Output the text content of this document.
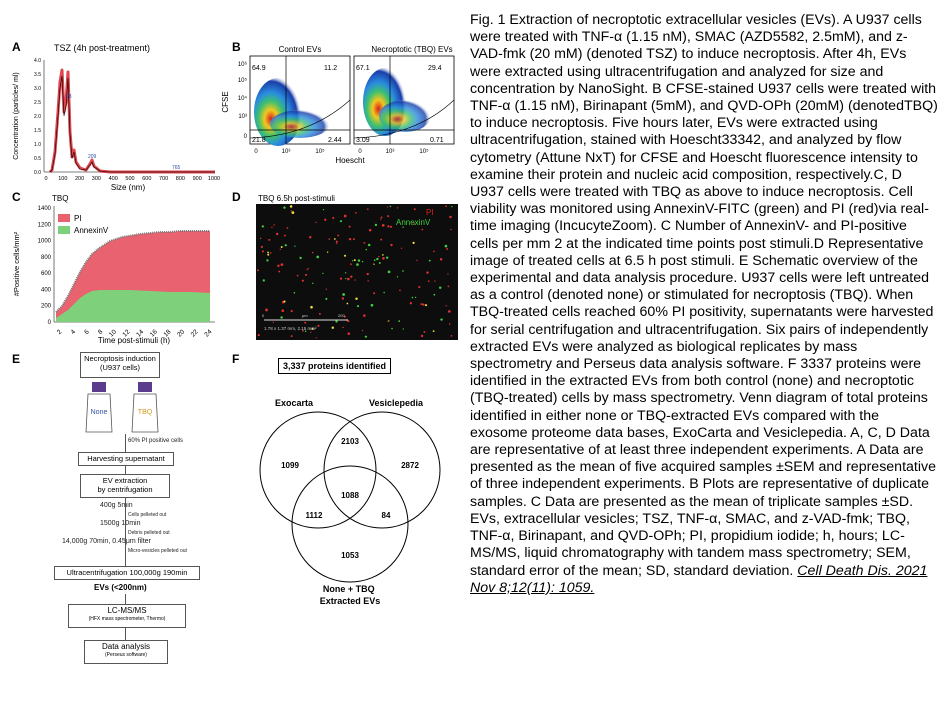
A	TSZ (4h post-treatment)
0.0
0.5
1.0
1.5
2.0
2.5
3.0
3.5
4.0
0 100 200 300 400 500 600 700 800 900 1000
98
209
765
Size (nm)
Concentration (particles/ ml)
B	Control EVs	Necroptotic (TBQ) EVs
64.9	11.2
21.8	2.44
67.1	29.4
3.09	0.71
10⁶
10⁵
10⁴
10³
0
0	10³	10⁵	0	10³	10⁵
CFSE
Hoescht
C	TBQ
0
200
400
600
800
1000
1200
1400
PI
AnnexinV
2 4 6 8 10 12 14 16 18 20 22 24
Time post-stimuli (h)
#Positive cells/mm²
D TBQ 6.5h post-stimuli
PI
AnnexinV
0	μm	200
1.78 x 1.37 mm, 2.15 mm²
E	Necroptosis induction
(U937 cells)
None	TBQ
60% PI positive cells
Harvesting supernatant
EV extraction
by centrifugation
400g 5min
Cells pelleted out
1500g 10min
Debris pelleted out
14,000g 70min, 0.45μm filter
Micro-vesicles pelleted out
Ultracentrifugation 100,000g 190min
EVs (<200nm)
LC-MS/MS
(HFX mass spectrometer, Thermo)
Data analysis
(Perseus software)
F	3,337 proteins identified
Exocarta	Vesiclepedia
1099
2103
2872
1088
1112	84
1053
None + TBQ Extracted EVs
Fig. 1 Extraction of necroptotic extracellular vesicles (EVs). A U937 cells were treated with TNF-α (1.15 nM), SMAC (AZD5582, 2.5mM), and z-VAD-fmk (20 mM) (denoted TSZ) to induce necroptosis. After 4h, EVs were extracted using ultracentrifugation and analyzed for size and concentration by NanoSight. B CFSE-stained U937 cells were treated with TNF-α (1.15 nM), Birinapant (5mM), and QVD-OPh (20mM) (denotedTBQ) to induce necroptosis. Five hours later, EVs were extracted using ultracentrifugation, stained with Hoescht33342, and analyzed by flow cytometry (Attune NxT) for CFSE and Hoescht fluorescence intensity to examine their protein and nucleic acid composition, respectively.C, D U937 cells were treated with TBQ as above to induce necroptosis. Cell viability was monitored using AnnexinV-FITC (green) and PI (red)via real-time imaging (IncucyteZoom). C Number of AnnexinV- and PI-positive cells per mm 2 at the indicated time points post stimuli.D Representative image of treated cells at 6.5 h post stimuli. E Schematic overview of the experimental and data analysis procedure. U937 cells were left untreated as a control (denoted none) or stimulated for necroptosis (TBQ). When TBQ-treated cells reached 60% PI positivity, supernatants were harvested for serial centrifugation and ultracentrifugation. Six pairs of independently extracted EVs were analyzed as biological replicates by mass spectrometry and Perseus data analysis software. F 3337 proteins were identified in the extracted EVs from both control (none) and necroptotic (TBQ-treated) cells by mass spectrometry. Venn diagram of total proteins identified in either none or TBQ-extracted EVs compared with the exosome proteome data bases, ExoCarta and Vesiclepedia. A, C, D Data are representative of at least three independent experiments. A Data are presented as the mean of five acquired samples ±SEM and representative of three independent experiments. B Plots are representative of duplicate samples. C Data are presented as the mean of triplicate samples ±SD. EVs, extracellular vesicles; TSZ, TNF-α, SMAC, and z-VAD-fmk; TBQ, TNF-α, Birinapant, and QVD-OPh; PI, propidium iodide; h, hours; LC-MS/MS, liquid chromatography with tandem mass spectrometry; SEM, standard error of the mean; SD, standard deviation. Cell Death Dis. 2021 Nov 8;12(11): 1059.
